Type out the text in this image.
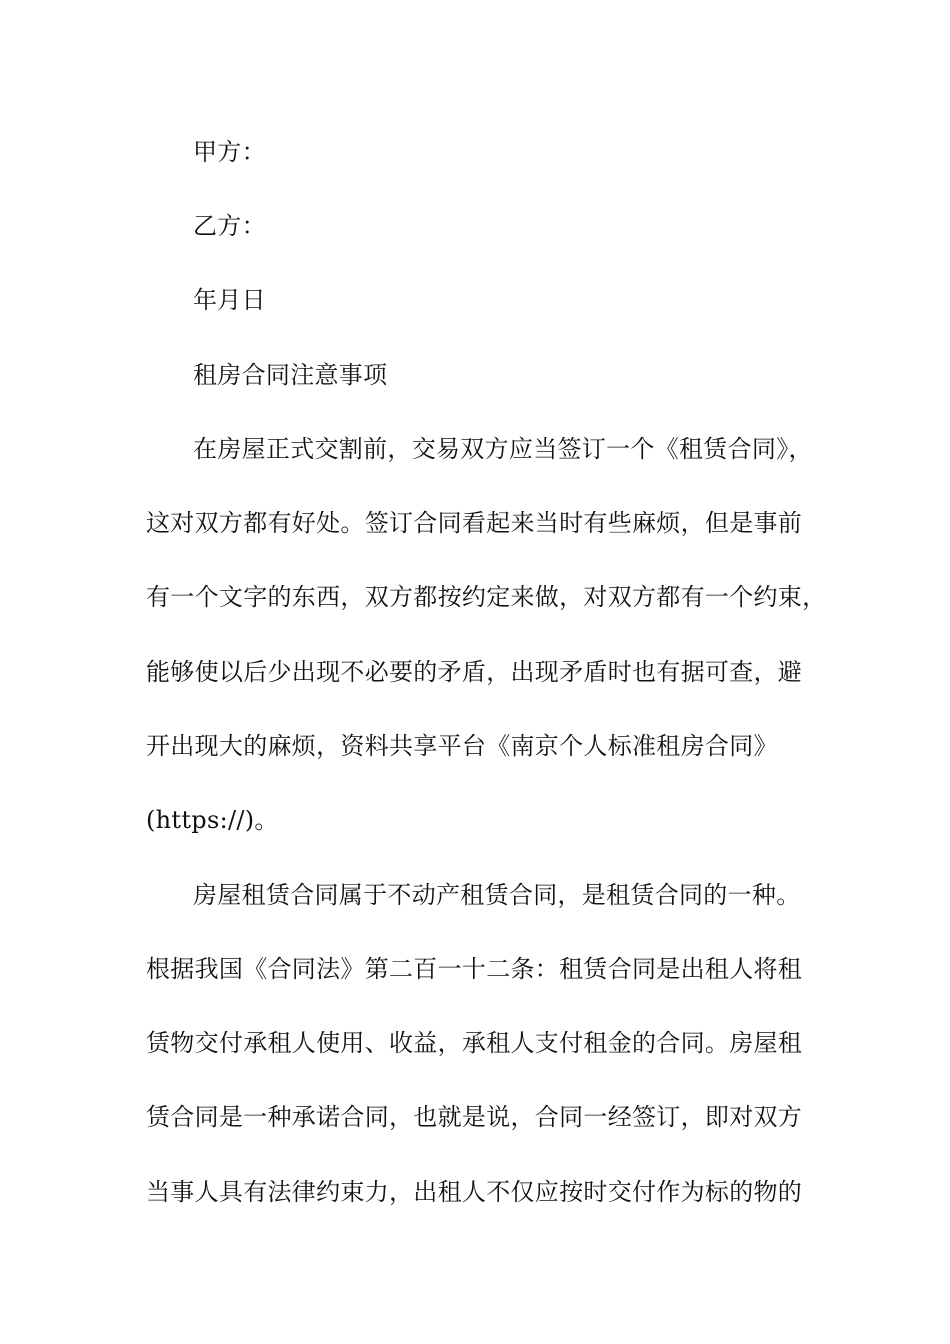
甲方：
乙方：
年月日
租房合同注意事项
在房屋正式交割前，交易双方应当签订一个《租赁合同》，
这对双方都有好处。签订合同看起来当时有些麻烦，但是事前
有一个文字的东西，双方都按约定来做，对双方都有一个约束，
能够使以后少出现不必要的矛盾，出现矛盾时也有据可查，避
开出现大的麻烦，资料共享平台《南京个人标准租房合同》
(https://)。
房屋租赁合同属于不动产租赁合同，是租赁合同的一种。
根据我国《合同法》第二百一十二条：租赁合同是出租人将租
赁物交付承租人使用、收益，承租人支付租金的合同。房屋租
赁合同是一种承诺合同，也就是说，合同一经签订，即对双方
当事人具有法律约束力，出租人不仅应按时交付作为标的物的
